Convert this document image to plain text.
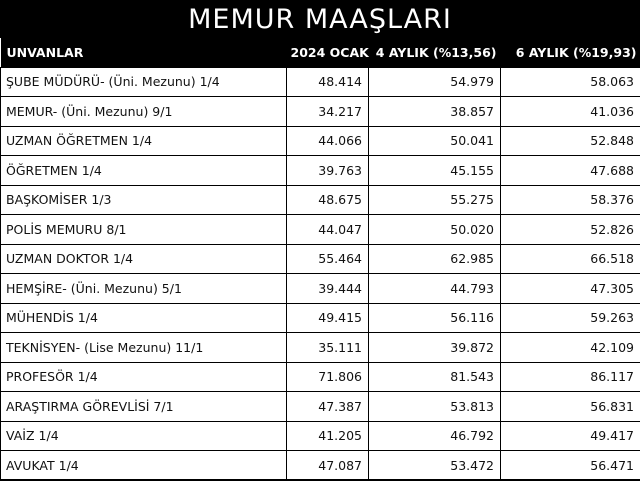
MEMUR MAAŞLARI
UNVANLAR	2024 OCAK	4 AYLIK (%13,56)	6 AYLIK (%19,93)
ŞUBE MÜDÜRÜ- (Üni. Mezunu) 1/4	48.414	54.979	58.063
MEMUR- (Üni. Mezunu) 9/1	34.217	38.857	41.036
UZMAN ÖĞRETMEN 1/4	44.066	50.041	52.848
ÖĞRETMEN 1/4	39.763	45.155	47.688
BAŞKOMİSER 1/3	48.675	55.275	58.376
POLİS MEMURU 8/1	44.047	50.020	52.826
UZMAN DOKTOR 1/4	55.464	62.985	66.518
HEMŞİRE- (Üni. Mezunu) 5/1	39.444	44.793	47.305
MÜHENDİS 1/4	49.415	56.116	59.263
TEKNİSYEN- (Lise Mezunu) 11/1	35.111	39.872	42.109
PROFESÖR 1/4	71.806	81.543	86.117
ARAŞTIRMA GÖREVLİSİ 7/1	47.387	53.813	56.831
VAİZ 1/4	41.205	46.792	49.417
AVUKAT 1/4	47.087	53.472	56.471
